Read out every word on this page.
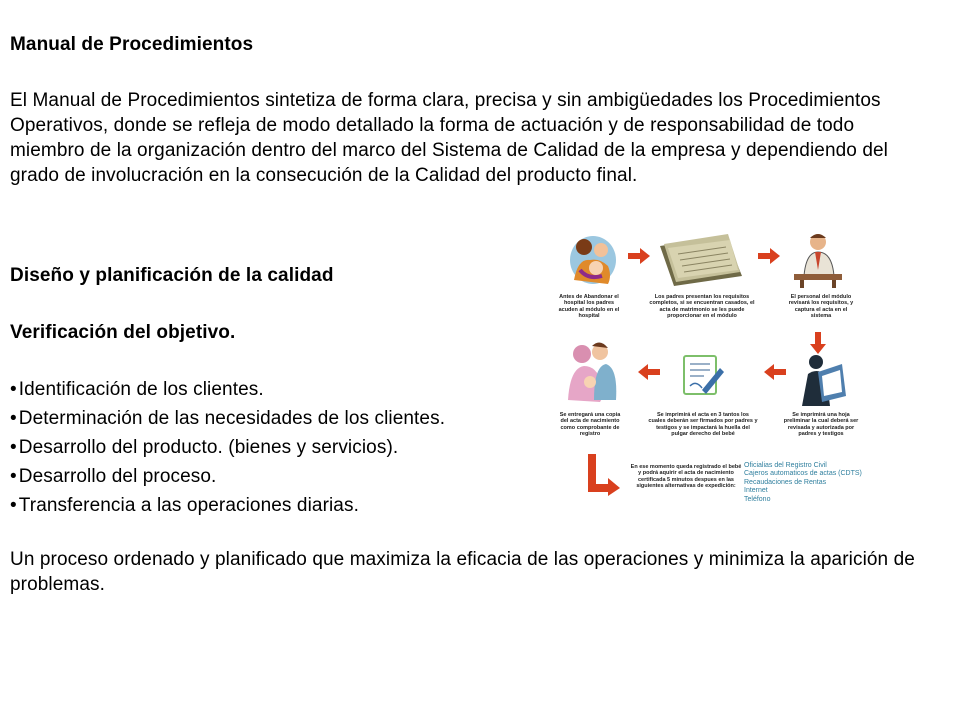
Manual de Procedimientos
El Manual de Procedimientos sintetiza de forma clara, precisa y sin ambigüedades los Procedimientos Operativos, donde se refleja de modo detallado la forma de actuación y de responsabilidad de todo miembro de la organización dentro del marco del Sistema de Calidad de la empresa y dependiendo del grado de involucración en la consecución de la Calidad del producto final.
Diseño y planificación de la calidad
Verificación del objetivo.
• Identificación de los clientes.
• Determinación de las necesidades de los clientes.
• Desarrollo del producto. (bienes y servicios).
• Desarrollo del proceso.
• Transferencia a las operaciones diarias.
Un proceso ordenado y planificado que maximiza la eficacia de las operaciones y minimiza la aparición de problemas.
Antes de Abandonar el hospital los padres acuden al módulo en el hospital
Los padres presentan los requisitos completos, si se encuentran casados, el acta de matrimonio se les puede proporcionar en el módulo
El personal del módulo revisará los requisitos, y captura el acta en el sistema
Se entregará una copia del acta de nacimiento como comprobante de registro
Se imprimirá el acta en 3 tantos los cuales deberán ser firmados por padres y testigos y se impactará la huella del pulgar derecho del bebé
Se imprimirá una hoja preliminar la cual deberá ser revisada y autorizada por padres y testigos
En ese momento queda registrado el bebé y podrá aquirir el acta de nacimiento certificada 5 minutos despues en las siguientes alternativas de expedición:
Oficialias del Registro Civil
Cajeros automaticos de actas (CDTS)
Recaudaciones de Rentas
Internet
Teléfono
